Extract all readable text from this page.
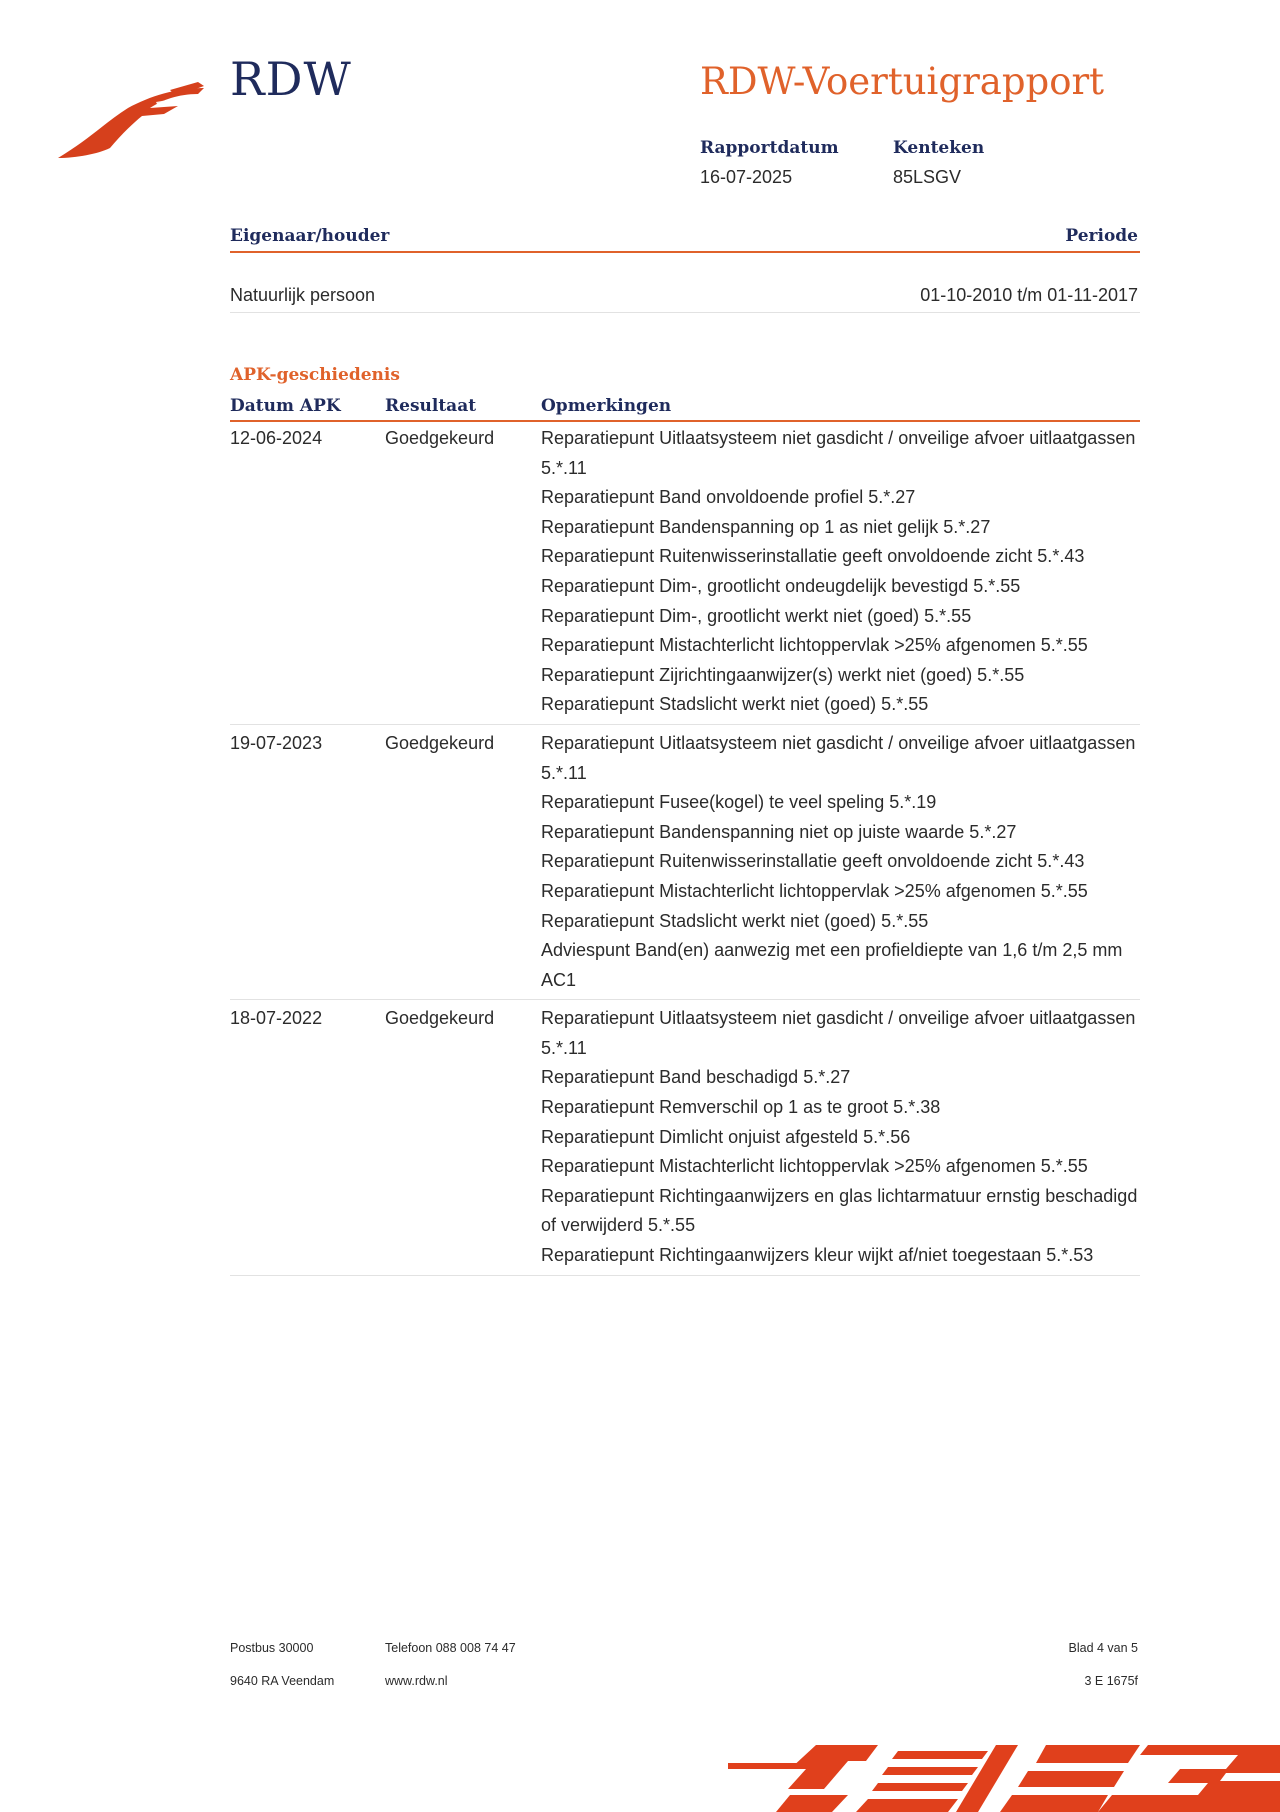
RDW	RDW-Voertuigrapport
Rapportdatum
16-07-2025
Kenteken
85LSGV
Eigenaar/houder	Periode
Natuurlijk persoon	01-10-2010 t/m 01-11-2017
APK-geschiedenis
Datum APK	Resultaat	Opmerkingen
12-06-2024	Goedgekeurd	Reparatiepunt Uitlaatsysteem niet gasdicht / onveilige afvoer uitlaatgassen 5.*.11
Reparatiepunt Band onvoldoende profiel 5.*.27
Reparatiepunt Bandenspanning op 1 as niet gelijk 5.*.27
Reparatiepunt Ruitenwisserinstallatie geeft onvoldoende zicht 5.*.43
Reparatiepunt Dim-, grootlicht ondeugdelijk bevestigd 5.*.55
Reparatiepunt Dim-, grootlicht werkt niet (goed) 5.*.55
Reparatiepunt Mistachterlicht lichtoppervlak >25% afgenomen 5.*.55
Reparatiepunt Zijrichtingaanwijzer(s) werkt niet (goed) 5.*.55
Reparatiepunt Stadslicht werkt niet (goed) 5.*.55
19-07-2023	Goedgekeurd	Reparatiepunt Uitlaatsysteem niet gasdicht / onveilige afvoer uitlaatgassen 5.*.11
Reparatiepunt Fusee(kogel) te veel speling 5.*.19
Reparatiepunt Bandenspanning niet op juiste waarde 5.*.27
Reparatiepunt Ruitenwisserinstallatie geeft onvoldoende zicht 5.*.43
Reparatiepunt Mistachterlicht lichtoppervlak >25% afgenomen 5.*.55
Reparatiepunt Stadslicht werkt niet (goed) 5.*.55
Adviespunt Band(en) aanwezig met een profieldiepte van 1,6 t/m 2,5 mm AC1
18-07-2022	Goedgekeurd	Reparatiepunt Uitlaatsysteem niet gasdicht / onveilige afvoer uitlaatgassen 5.*.11
Reparatiepunt Band beschadigd 5.*.27
Reparatiepunt Remverschil op 1 as te groot 5.*.38
Reparatiepunt Dimlicht onjuist afgesteld 5.*.56
Reparatiepunt Mistachterlicht lichtoppervlak >25% afgenomen 5.*.55
Reparatiepunt Richtingaanwijzers en glas lichtarmatuur ernstig beschadigd of verwijderd 5.*.55
Reparatiepunt Richtingaanwijzers kleur wijkt af/niet toegestaan 5.*.53
Postbus 30000
9640 RA Veendam
Telefoon 088 008 74 47
www.rdw.nl
Blad 4 van 5
3 E 1675f
